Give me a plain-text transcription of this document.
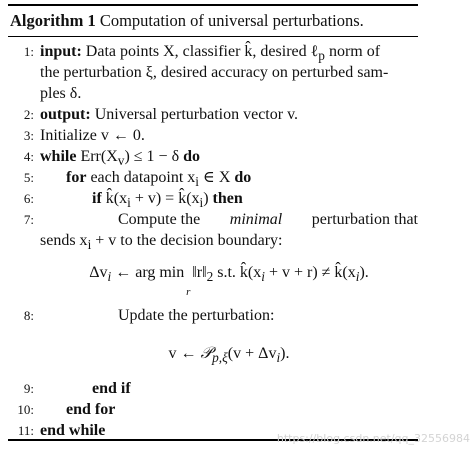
Algorithm 1 Computation of universal perturbations.
1: input: Data points X, classifier k̂, desired ℓ$_p$ norm of
the perturbation ξ, desired accuracy on perturbed sam-
ples δ.
2: output: Universal perturbation vector v.
3: Initialize v ← 0.
4: while $Err(X_v) \le 1 - \delta$ do
5: for each datapoint $x_i$ ∈ X do
6:	if $k̂(x_i + v)$ = $k̂(x_i)$ then
7:	Compute the minimal perturbation that
sends $x_i + v$ to the decision boundary:
$\Delta v_i$ ← arg min
r
$‖r‖_2$ s.t. $k̂(x_i + v + r)$ ≠ $k̂(x_i)$.
8:	Update the perturbation:
v ← 𝒫$_{p,\xi}$(v + $\Delta v_i$).
9:	end if
10: end for
11: end while	https://blog.csdn.net/qq_32556984
